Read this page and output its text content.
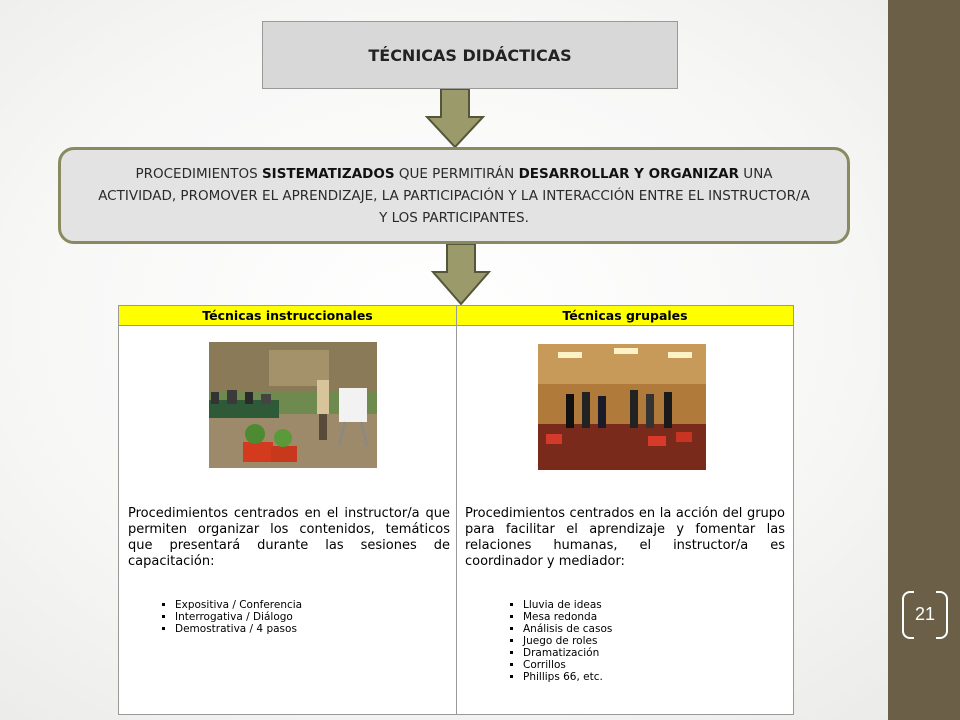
21
TÉCNICAS DIDÁCTICAS
PROCEDIMIENTOS SISTEMATIZADOS QUE PERMITIRÁN DESARROLLAR Y ORGANIZAR UNA ACTIVIDAD, PROMOVER EL APRENDIZAJE, LA PARTICIPACIÓN Y LA INTERACCIÓN ENTRE EL INSTRUCTOR/A Y LOS PARTICIPANTES.
Técnicas instruccionales
Procedimientos centrados en el instructor/a que permiten organizar los contenidos, temáticos que presentará durante las sesiones de capacitación:
▪ Expositiva / Conferencia
▪ Interrogativa / Diálogo
▪ Demostrativa / 4 pasos
Técnicas grupales
Procedimientos centrados en la acción del grupo para facilitar el aprendizaje y fomentar las relaciones humanas, el instructor/a es coordinador y mediador:
▪ Lluvia de ideas
▪ Mesa redonda
▪ Análisis de casos
▪ Juego de roles
▪ Dramatización
▪ Corrillos
▪ Phillips 66, etc.
